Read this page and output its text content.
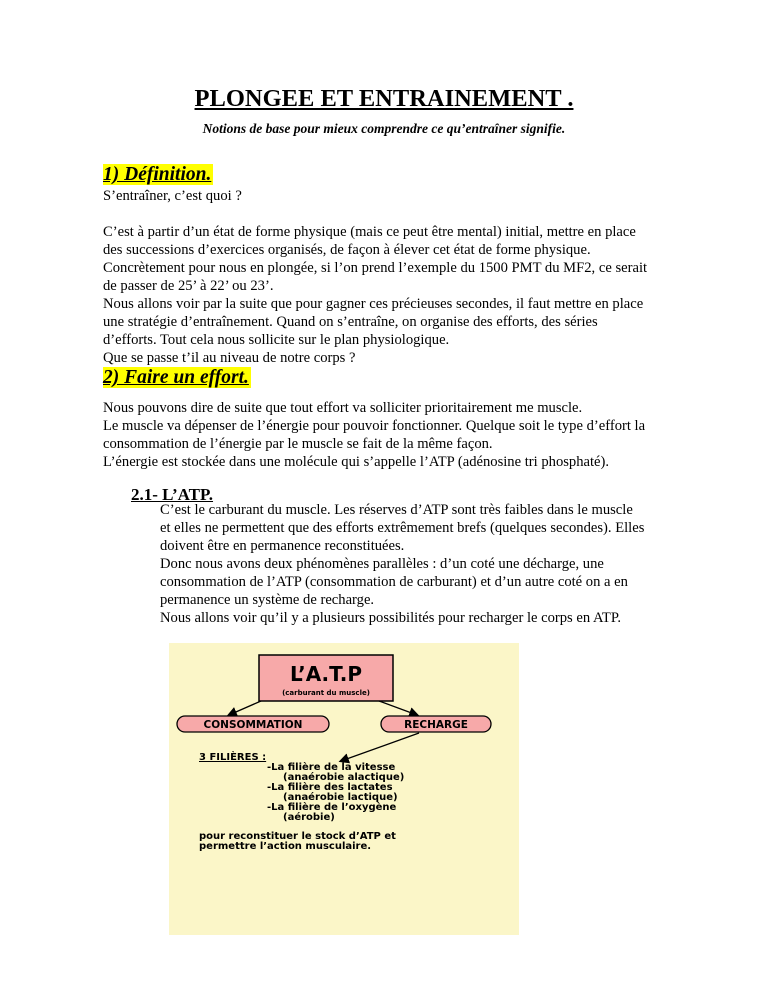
PLONGEE ET ENTRAINEMENT .
Notions de base pour mieux comprendre ce qu’entraîner signifie.
1) Définition.

S’entraîner, c’est quoi ?

C’est à partir d’un état de forme physique (mais ce peut être mental) initial, mettre en place
des successions d’exercices organisés, de façon à élever cet état de forme physique.
Concrètement pour nous en plongée, si l’on prend l’exemple du 1500 PMT du MF2, ce serait
de passer de 25’ à 22’ ou 23’.
Nous allons voir par la suite que pour gagner ces précieuses secondes, il faut mettre en place
une stratégie d’entraînement. Quand on s’entraîne, on organise des efforts, des séries
d’efforts. Tout cela nous sollicite sur le plan physiologique.
Que se passe t’il au niveau de notre corps ?
2) Faire un effort.
Nous pouvons dire de suite que tout effort va solliciter prioritairement me muscle.
Le muscle va dépenser de l’énergie pour pouvoir fonctionner. Quelque soit le type d’effort la
consommation de l’énergie par le muscle se fait de la même façon.
L’énergie est stockée dans une molécule qui s’appelle l’ATP (adénosine tri phosphaté).
2.1- L’ATP.
C’est le carburant du muscle. Les réserves d’ATP sont très faibles dans le muscle
et elles ne permettent que des efforts extrêmement brefs (quelques secondes). Elles
doivent être en permanence reconstituées.
Donc nous avons deux phénomènes parallèles : d’un coté une décharge, une
consommation de l’ATP (consommation de carburant) et d’un autre coté on a en
permanence un système de recharge.
Nous allons voir qu’il y a plusieurs possibilités pour recharger le corps en ATP.
L’A.T.P
(carburant du muscle)
CONSOMMATION	RECHARGE
3 FILIÈRES :
-La filière de la vitesse
(anaérobie alactique)
-La filière des lactates
(anaérobie lactique)
-La filière de l’oxygène
(aérobie)
pour reconstituer le stock d’ATP et
permettre l’action musculaire.
